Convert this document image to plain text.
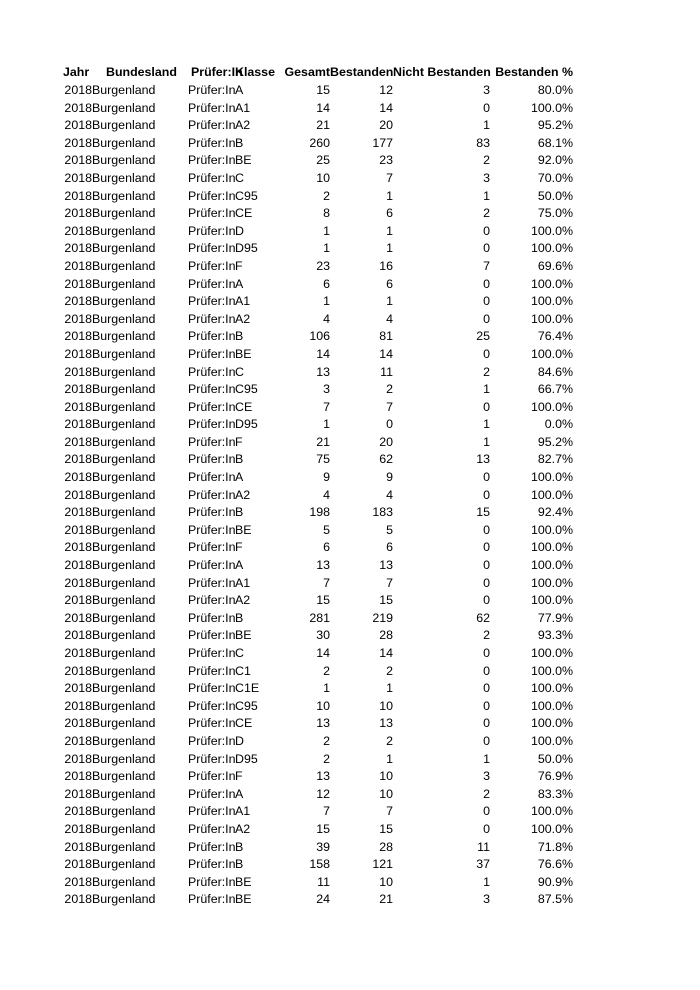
Jahr	Bundesland	Prüfer:In	Klasse	Gesamt	Bestanden	Nicht Bestanden	Bestanden %
2018	Burgenland	Prüfer:In	A	15	12	3	80.0%
2018	Burgenland	Prüfer:In	A1	14	14	0	100.0%
2018	Burgenland	Prüfer:In	A2	21	20	1	95.2%
2018	Burgenland	Prüfer:In	B	260	177	83	68.1%
2018	Burgenland	Prüfer:In	BE	25	23	2	92.0%
2018	Burgenland	Prüfer:In	C	10	7	3	70.0%
2018	Burgenland	Prüfer:In	C95	2	1	1	50.0%
2018	Burgenland	Prüfer:In	CE	8	6	2	75.0%
2018	Burgenland	Prüfer:In	D	1	1	0	100.0%
2018	Burgenland	Prüfer:In	D95	1	1	0	100.0%
2018	Burgenland	Prüfer:In	F	23	16	7	69.6%
2018	Burgenland	Prüfer:In	A	6	6	0	100.0%
2018	Burgenland	Prüfer:In	A1	1	1	0	100.0%
2018	Burgenland	Prüfer:In	A2	4	4	0	100.0%
2018	Burgenland	Prüfer:In	B	106	81	25	76.4%
2018	Burgenland	Prüfer:In	BE	14	14	0	100.0%
2018	Burgenland	Prüfer:In	C	13	11	2	84.6%
2018	Burgenland	Prüfer:In	C95	3	2	1	66.7%
2018	Burgenland	Prüfer:In	CE	7	7	0	100.0%
2018	Burgenland	Prüfer:In	D95	1	0	1	0.0%
2018	Burgenland	Prüfer:In	F	21	20	1	95.2%
2018	Burgenland	Prüfer:In	B	75	62	13	82.7%
2018	Burgenland	Prüfer:In	A	9	9	0	100.0%
2018	Burgenland	Prüfer:In	A2	4	4	0	100.0%
2018	Burgenland	Prüfer:In	B	198	183	15	92.4%
2018	Burgenland	Prüfer:In	BE	5	5	0	100.0%
2018	Burgenland	Prüfer:In	F	6	6	0	100.0%
2018	Burgenland	Prüfer:In	A	13	13	0	100.0%
2018	Burgenland	Prüfer:In	A1	7	7	0	100.0%
2018	Burgenland	Prüfer:In	A2	15	15	0	100.0%
2018	Burgenland	Prüfer:In	B	281	219	62	77.9%
2018	Burgenland	Prüfer:In	BE	30	28	2	93.3%
2018	Burgenland	Prüfer:In	C	14	14	0	100.0%
2018	Burgenland	Prüfer:In	C1	2	2	0	100.0%
2018	Burgenland	Prüfer:In	C1E	1	1	0	100.0%
2018	Burgenland	Prüfer:In	C95	10	10	0	100.0%
2018	Burgenland	Prüfer:In	CE	13	13	0	100.0%
2018	Burgenland	Prüfer:In	D	2	2	0	100.0%
2018	Burgenland	Prüfer:In	D95	2	1	1	50.0%
2018	Burgenland	Prüfer:In	F	13	10	3	76.9%
2018	Burgenland	Prüfer:In	A	12	10	2	83.3%
2018	Burgenland	Prüfer:In	A1	7	7	0	100.0%
2018	Burgenland	Prüfer:In	A2	15	15	0	100.0%
2018	Burgenland	Prüfer:In	B	39	28	11	71.8%
2018	Burgenland	Prüfer:In	B	158	121	37	76.6%
2018	Burgenland	Prüfer:In	BE	11	10	1	90.9%
2018	Burgenland	Prüfer:In	BE	24	21	3	87.5%
